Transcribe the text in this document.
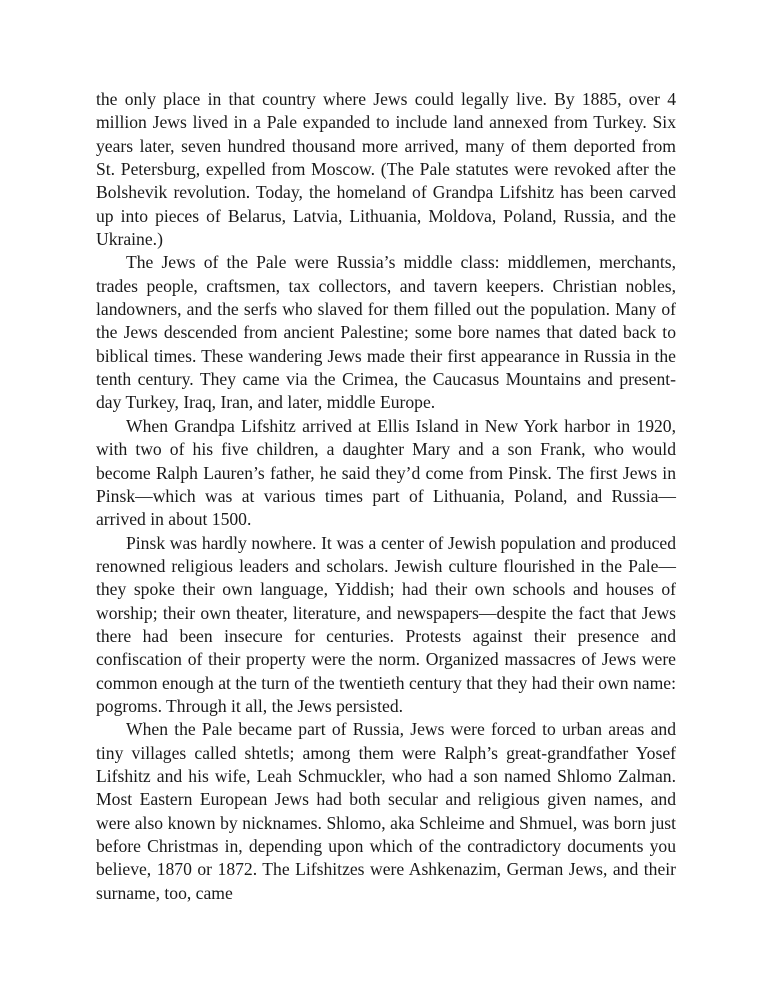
the only place in that country where Jews could legally live. By 1885, over 4 million Jews lived in a Pale expanded to include land annexed from Turkey. Six years later, seven hundred thousand more arrived, many of them deported from St. Petersburg, expelled from Moscow. (The Pale statutes were revoked after the Bolshevik revolution. Today, the homeland of Grandpa Lifshitz has been carved up into pieces of Belarus, Latvia, Lithuania, Moldova, Poland, Russia, and the Ukraine.)

The Jews of the Pale were Russia’s middle class: middlemen, merchants, trades people, craftsmen, tax collectors, and tavern keepers. Christian nobles, landowners, and the serfs who slaved for them filled out the population. Many of the Jews descended from ancient Palestine; some bore names that dated back to biblical times. These wandering Jews made their first appearance in Russia in the tenth century. They came via the Crimea, the Caucasus Mountains and present-day Turkey, Iraq, Iran, and later, middle Europe.

When Grandpa Lifshitz arrived at Ellis Island in New York harbor in 1920, with two of his five children, a daughter Mary and a son Frank, who would become Ralph Lauren’s father, he said they’d come from Pinsk. The first Jews in Pinsk—which was at various times part of Lithuania, Poland, and Russia—arrived in about 1500.

Pinsk was hardly nowhere. It was a center of Jewish population and produced renowned religious leaders and scholars. Jewish culture flourished in the Pale—they spoke their own language, Yiddish; had their own schools and houses of worship; their own theater, literature, and newspapers—despite the fact that Jews there had been insecure for centuries. Protests against their presence and confiscation of their property were the norm. Organized massacres of Jews were common enough at the turn of the twentieth century that they had their own name: pogroms. Through it all, the Jews persisted.

When the Pale became part of Russia, Jews were forced to urban areas and tiny villages called shtetls; among them were Ralph’s great-grandfather Yosef Lifshitz and his wife, Leah Schmuckler, who had a son named Shlomo Zalman. Most Eastern European Jews had both secular and religious given names, and were also known by nicknames. Shlomo, aka Schleime and Shmuel, was born just before Christmas in, depending upon which of the contradictory documents you believe, 1870 or 1872. The Lifshitzes were Ashkenazim, German Jews, and their surname, too, came
